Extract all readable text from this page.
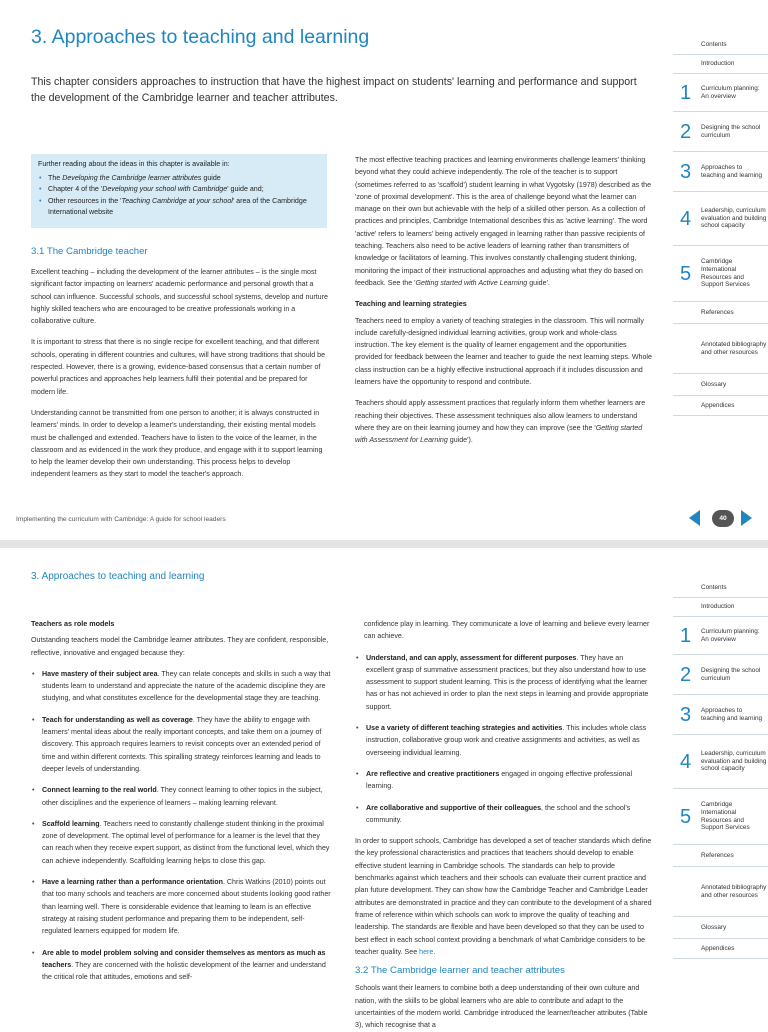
3. Approaches to teaching and learning
This chapter considers approaches to instruction that have the highest impact on students' learning and performance and support the development of the Cambridge learner and teacher attributes.
Further reading about the ideas in this chapter is available in:
• The Developing the Cambridge learner attributes guide
• Chapter 4 of the 'Developing your school with Cambridge' guide and;
• Other resources in the 'Teaching Cambridge at your school' area of the Cambridge International website
3.1 The Cambridge teacher

Excellent teaching – including the development of the learner attributes – is the single most significant factor impacting on learners' academic performance and personal growth that a school can influence. Successful schools, and successful school systems, develop and nurture highly skilled teachers who are encouraged to be creative professionals working in a collaborative culture.

It is important to stress that there is no single recipe for excellent teaching, and that different schools, operating in different countries and cultures, will have strong traditions that should be respected. However, there is a growing, evidence-based consensus that a certain number of powerful practices and approaches help learners fulfil their potential and be prepared for modern life.

Understanding cannot be transmitted from one person to another; it is always constructed in learners' minds. In order to develop a learner's understanding, their existing mental models must be challenged and extended. Teachers have to listen to the voice of the learner, in the classroom and as evidenced in the work they produce, and engage with it to support learning to help the learner develop their own understanding. This process helps to develop independent learners as they start to model the teacher's approach.

The most effective teaching practices and learning environments challenge learners' thinking beyond what they could achieve independently. The role of the teacher is to support (sometimes referred to as 'scaffold') student learning in what Vygotsky (1978) described as the 'zone of proximal development'. This is the area of challenge beyond what the learner can manage on their own but achievable with the help of a skilled other person. As a collection of practices and principles, Cambridge International describes this as 'active learning'. The word 'active' refers to learners' being actively engaged in learning rather than passive recipients of teaching. Teachers also need to be active leaders of learning rather than transmitters of knowledge or facilitators of learning. This involves constantly challenging student thinking, monitoring the impact of their instructional approaches and adjusting what they do based on feedback. See the 'Getting started with Active Learning guide'.

Teaching and learning strategies

Teachers need to employ a variety of teaching strategies in the classroom. This will normally include carefully-designed individual learning activities, group work and whole-class instruction. The key element is the quality of learner engagement and the opportunities provided for feedback between the learner and teacher to guide the next learning steps. Whole class instruction can be a highly effective instructional approach if it includes discussion and learners have the opportunity to respond and contribute.

Teachers should apply assessment practices that regularly inform them whether learners are reaching their objectives. These assessment techniques also allow learners to understand where they are on their learning journey and how they can improve (see the 'Getting started with Assessment for Learning guide').

Implementing the curriculum with Cambridge: A guide for school leaders	40
Contents
Introduction
1 Curriculum planning: An overview
2 Designing the school curriculum
3 Approaches to teaching and learning
4 Leadership, curriculum evaluation and building school capacity
5
Cambridge International Resources and Support Services
References
Annotated bibliography and other resources
Glossary
Appendices
Contents
Introduction
1 Curriculum planning: An overview
2 Designing the school curriculum
3 Approaches to teaching and learning
4 Leadership, curriculum evaluation and building school capacity
5
Cambridge International Resources and Support Services
References
Annotated bibliography and other resources
Glossary
Appendices
3. Approaches to teaching and learning
Teachers as role models

Outstanding teachers model the Cambridge learner attributes. They are confident, responsible, reflective, innovative and engaged because they:

• Have mastery of their subject area. They can relate concepts and skills in such a way that students learn to understand and appreciate the nature of the academic discipline they are studying, and what constitutes excellence for the developmental stage they are teaching.
• Teach for understanding as well as coverage. They have the ability to engage with learners' mental ideas about the really important concepts, and take them on a journey of discovery. This approach requires learners to revisit concepts over an extended period of time and within different contexts. This spiralling strategy reinforces learning and leads to deeper levels of understanding.
• Connect learning to the real world. They connect learning to other topics in the subject, other disciplines and the experience of learners – making learning relevant.
• Scaffold learning. Teachers need to constantly challenge student thinking in the proximal zone of development. The optimal level of performance for a learner is the level that they can reach when they receive expert support, as distinct from the functional level, which they can achieve independently. Scaffolding learning helps to close this gap.
• Have a learning rather than a performance orientation. Chris Watkins (2010) points out that too many schools and teachers are more concerned about students looking good rather than learning well. There is considerable evidence that learning to learn is an effective strategy at raising student performance and preparing them to be independent, self-regulated learners equipped for modern life.
• Are able to model problem solving and consider themselves as mentors as much as teachers. They are concerned with the holistic development of the learner and understand the critical role that attitudes, emotions and self-

confidence play in learning. They communicate a love of learning and believe every learner can achieve.

• Understand, and can apply, assessment for different purposes. They have an excellent grasp of summative assessment practices, but they also understand how to use assessment to support student learning. This is the process of identifying what the learner has or has not achieved in order to plan the next steps in learning and provide appropriate support.
• Use a variety of different teaching strategies and activities. This includes whole class instruction, collaborative group work and creative assignments and activities, as well as overseeing individual learning.
• Are reflective and creative practitioners engaged in ongoing effective professional learning.
• Are collaborative and supportive of their colleagues, the school and the school's community.

In order to support schools, Cambridge has developed a set of teacher standards which define the key professional characteristics and practices that teachers should develop to enable effective student learning in Cambridge schools. The standards can help to provide benchmarks against which teachers and their schools can evaluate their current practice and plan future development. They can show how the Cambridge Teacher and Cambridge Leader attributes are demonstrated in practice and they can contribute to the development of a shared frame of reference within which schools can work to improve the quality of teaching and leadership. The standards are flexible and have been developed so that they can be used to best effect in each school context providing a benchmark of what Cambridge considers to be teacher quality. See here.

3.2 The Cambridge learner and teacher attributes

Schools want their learners to combine both a deep understanding of their own culture and nation, with the skills to be global learners who are able to contribute and adapt to the uncertainties of the modern world. Cambridge introduced the learner/teacher attributes (Table 3), which recognise that a
